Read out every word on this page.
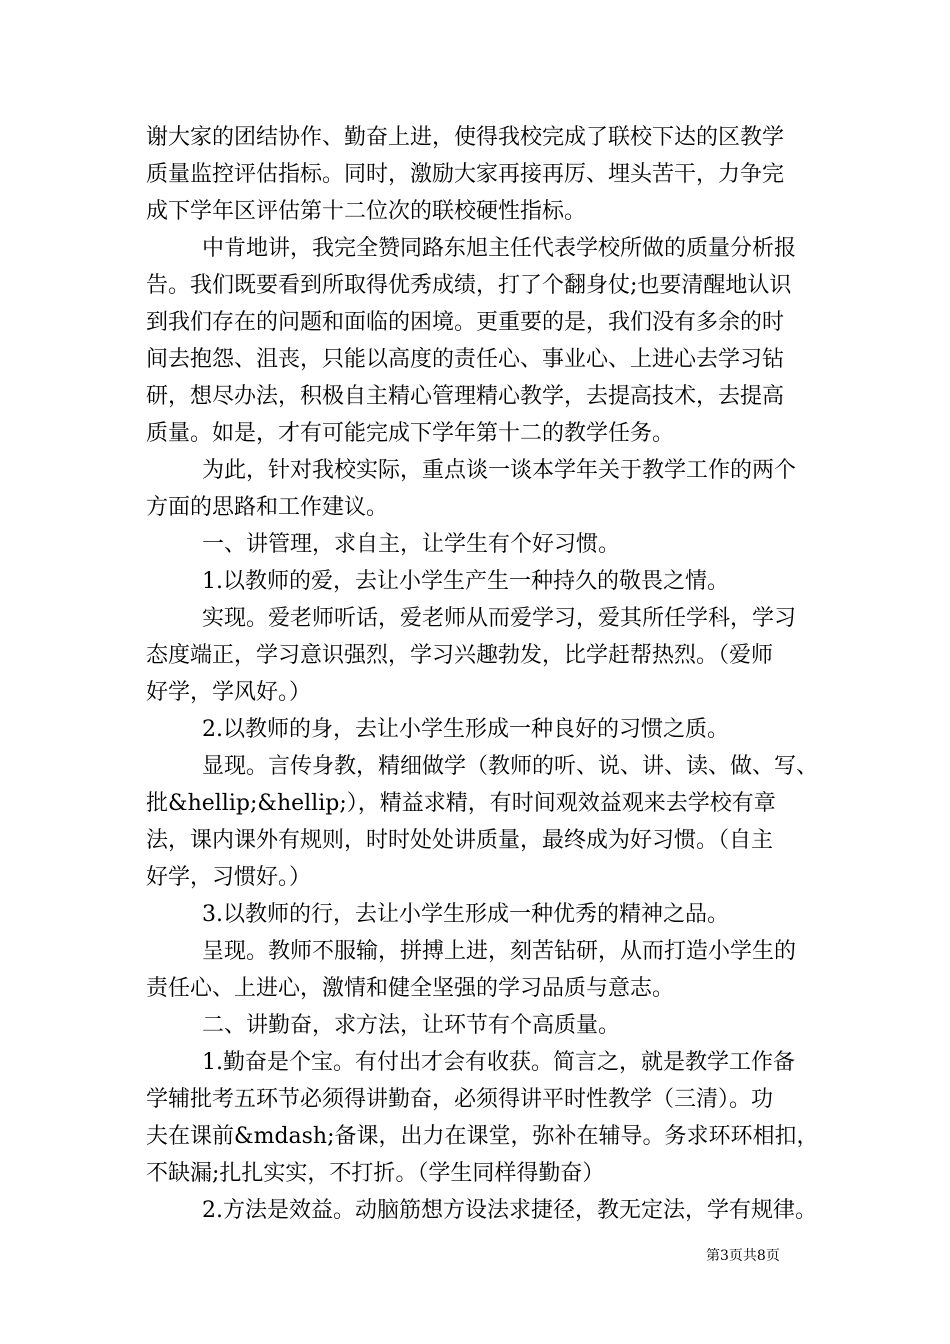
谢大家的团结协作、勤奋上进，使得我校完成了联校下达的区教学
质量监控评估指标。同时，激励大家再接再厉、埋头苦干，力争完
成下学年区评估第十二位次的联校硬性指标。
中肯地讲，我完全赞同路东旭主任代表学校所做的质量分析报
告。我们既要看到所取得优秀成绩，打了个翻身仗;也要清醒地认识
到我们存在的问题和面临的困境。更重要的是，我们没有多余的时
间去抱怨、沮丧，只能以高度的责任心、事业心、上进心去学习钻
研，想尽办法，积极自主精心管理精心教学，去提高技术，去提高
质量。如是，才有可能完成下学年第十二的教学任务。
为此，针对我校实际，重点谈一谈本学年关于教学工作的两个
方面的思路和工作建议。
一、讲管理，求自主，让学生有个好习惯。
1.以教师的爱，去让小学生产生一种持久的敬畏之情。
实现。爱老师听话，爱老师从而爱学习，爱其所任学科，学习
态度端正，学习意识强烈，学习兴趣勃发，比学赶帮热烈。（爱师
好学，学风好。）
2.以教师的身，去让小学生形成一种良好的习惯之质。
显现。言传身教，精细做学（教师的听、说、讲、读、做、写、
批&hellip;&hellip;），精益求精，有时间观效益观来去学校有章
法，课内课外有规则，时时处处讲质量，最终成为好习惯。（自主
好学，习惯好。）
3.以教师的行，去让小学生形成一种优秀的精神之品。
呈现。教师不服输，拼搏上进，刻苦钻研，从而打造小学生的
责任心、上进心，激情和健全坚强的学习品质与意志。
二、讲勤奋，求方法，让环节有个高质量。
1.勤奋是个宝。有付出才会有收获。简言之，就是教学工作备
学辅批考五环节必须得讲勤奋，必须得讲平时性教学（三清）。功
夫在课前&mdash;备课，出力在课堂，弥补在辅导。务求环环相扣，
不缺漏;扎扎实实，不打折。（学生同样得勤奋）
2.方法是效益。动脑筋想方设法求捷径，教无定法，学有规律。
第3页共8页
